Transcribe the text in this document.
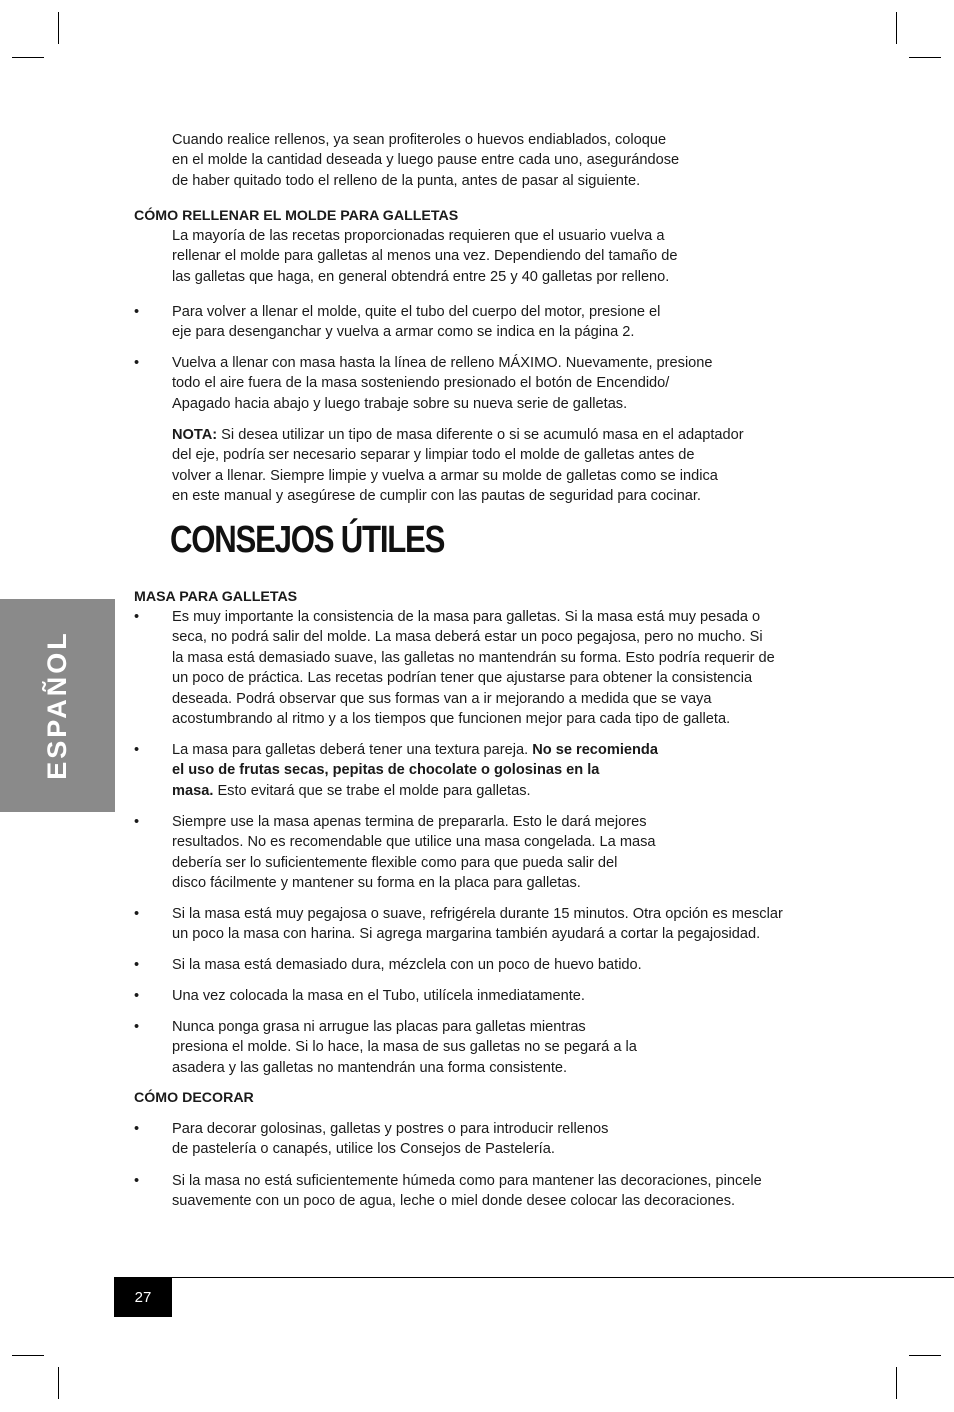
Cuando realice rellenos, ya sean profiteroles o huevos endiablados, coloque
en el molde la cantidad deseada y luego pause entre cada uno, asegurándose
de haber quitado todo el relleno de la punta, antes de pasar al siguiente.
CÓMO RELLENAR EL MOLDE PARA GALLETAS
La mayoría de las recetas proporcionadas requieren que el usuario vuelva a
rellenar el molde para galletas al menos una vez. Dependiendo del tamaño de
las galletas que haga, en general obtendrá entre 25 y 40 galletas por relleno.
•	Para volver a llenar el molde, quite el tubo del cuerpo del motor, presione el
eje para desenganchar y vuelva a armar como se indica en la página 2.
•	Vuelva a llenar con masa hasta la línea de relleno MÁXIMO. Nuevamente, presione
todo el aire fuera de la masa sosteniendo presionado el botón de Encendido/
Apagado hacia abajo y luego trabaje sobre su nueva serie de galletas.
NOTA: Si desea utilizar un tipo de masa diferente o si se acumuló masa en el adaptador
del eje, podría ser necesario separar y limpiar todo el molde de galletas antes de
volver a llenar. Siempre limpie y vuelva a armar su molde de galletas como se indica
en este manual y asegúrese de cumplir con las pautas de seguridad para cocinar.
CONSEJOS ÚTILES
MASA PARA GALLETAS
•	Es muy importante la consistencia de la masa para galletas. Si la masa está muy pesada o
seca, no podrá salir del molde. La masa deberá estar un poco pegajosa, pero no mucho. Si
la masa está demasiado suave, las galletas no mantendrán su forma. Esto podría requerir de
un poco de práctica. Las recetas podrían tener que ajustarse para obtener la consistencia
deseada. Podrá observar que sus formas van a ir mejorando a medida que se vaya
acostumbrando al ritmo y a los tiempos que funcionen mejor para cada tipo de galleta.
•	La masa para galletas deberá tener una textura pareja. No se recomienda
el uso de frutas secas, pepitas de chocolate o golosinas en la
masa. Esto evitará que se trabe el molde para galletas.
•	Siempre use la masa apenas termina de prepararla. Esto le dará mejores
resultados. No es recomendable que utilice una masa congelada. La masa
debería ser lo suficientemente flexible como para que pueda salir del
disco fácilmente y mantener su forma en la placa para galletas.
•	Si la masa está muy pegajosa o suave, refrigérela durante 15 minutos. Otra opción es mesclar
un poco la masa con harina. Si agrega margarina también ayudará a cortar la pegajosidad.
•	Si la masa está demasiado dura, mézclela con un poco de huevo batido.
•	Una vez colocada la masa en el Tubo, utilícela inmediatamente.
•	Nunca ponga grasa ni arrugue las placas para galletas mientras
presiona el molde. Si lo hace, la masa de sus galletas no se pegará a la
asadera y las galletas no mantendrán una forma consistente.
CÓMO DECORAR
•	Para decorar golosinas, galletas y postres o para introducir rellenos
de pastelería o canapés, utilice los Consejos de Pastelería.
•	Si la masa no está suficientemente húmeda como para mantener las decoraciones, pincele
suavemente con un poco de agua, leche o miel donde desee colocar las decoraciones.
ESPAÑOL
27
